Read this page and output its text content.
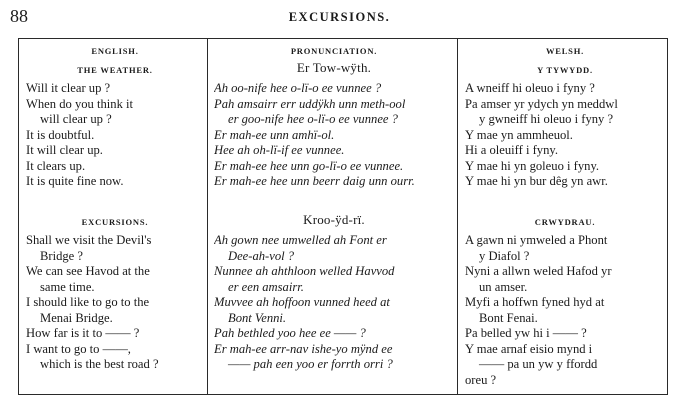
88	EXCURSIONS.
ENGLISH.
THE WEATHER.
Will it clear up ?
When do you think it
will clear up ?
It is doubtful.
It will clear up.
It clears up.
It is quite fine now.
EXCURSIONS.
Shall we visit the Devil's
Bridge ?
We can see Havod at the
same time.
I should like to go to the
Menai Bridge.
How far is it to —— ?
I want to go to ——,
which is the best road ?
PRONUNCIATION.
Er Tow-wÿth.
Ah oo-nife hee o-lï-o ee vunnee ?
Pah amsairr err uddÿkh unn meth-ool
er goo-nife hee o-lï-o ee vunnee ?
Er mah-ee unn amhï-ol.
Hee ah oh-lï-if ee vunnee.
Er mah-ee hee unn go-lï-o ee vunnee.
Er mah-ee hee unn beerr daig unn ourr.
Kroo-ÿd-rï.
Ah gown nee umwelled ah Font er
Dee-ah-vol ?
Nunnee ah ahthloon welled Havvod
er een amsairr.
Muvvee ah hoffoon vunned heed at
Bont Venni.
Pah bethled yoo hee ee —— ?
Er mah-ee arr-nav ishe-yo mÿnd ee
—— pah een yoo er forrth orri ?
WELSH.
Y TYWYDD.
A wneiff hi oleuo i fyny ?
Pa amser yr ydych yn meddwl
y gwneiff hi oleuo i fyny ?
Y mae yn ammheuol.
Hi a oleuiff i fyny.
Y mae hi yn goleuo i fyny.
Y mae hi yn bur dêg yn awr.
CRWYDRAU.
A gawn ni ymweled a Phont
y Diafol ?
Nyni a allwn weled Hafod yr
un amser.
Myfi a hoffwn fyned hyd at
Bont Fenai.
Pa belled yw hi i —— ?
Y mae arnaf eisio mynd i
—— pa un yw y ffordd
oreu ?
